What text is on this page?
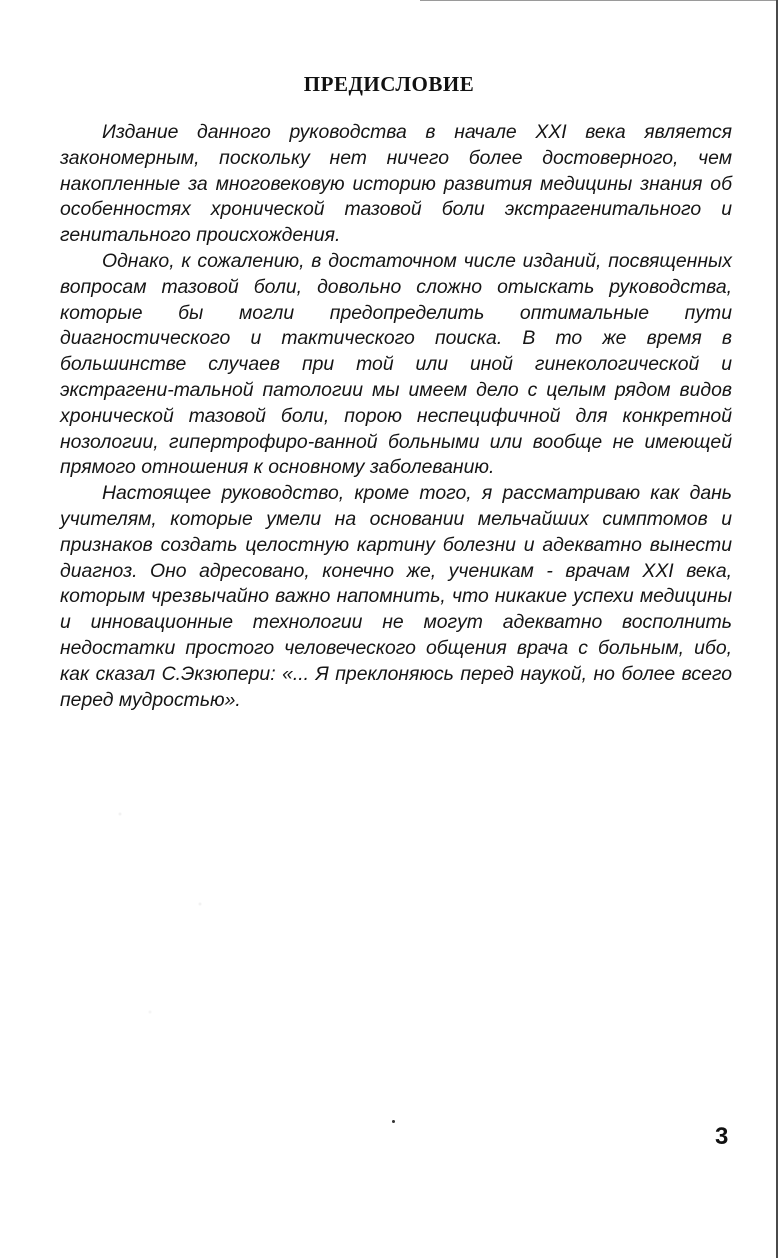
ПРЕДИСЛОВИЕ

Издание данного руководства в начале XXI века является закономерным, поскольку нет ничего более достоверного, чем накопленные за многовековую историю развития медицины знания об особенностях хронической тазовой боли экстрагенитального и генитального происхождения.

Однако, к сожалению, в достаточном числе изданий, посвященных вопросам тазовой боли, довольно сложно отыскать руководства, которые бы могли предопределить оптимальные пути диагностического и тактического поиска. В то же время в большинстве случаев при той или иной гинекологической и экстрагени-тальной патологии мы имеем дело с целым рядом видов хронической тазовой боли, порою неспецифичной для конкретной нозологии, гипертрофиро-ванной больными или вообще не имеющей прямого отношения к основному заболеванию.

Настоящее руководство, кроме того, я рассматриваю как дань учителям, которые умели на основании мельчайших симптомов и признаков создать целостную картину болезни и адекватно вынести диагноз. Оно адресовано, конечно же, ученикам - врачам XXI века, которым чрезвычайно важно напомнить, что никакие успехи медицины и инновационные технологии не могут адекватно восполнить недостатки простого человеческого общения врача с больным, ибо, как сказал С.Экзюпери: «... Я преклоняюсь перед наукой, но более всего перед мудростью».

3
